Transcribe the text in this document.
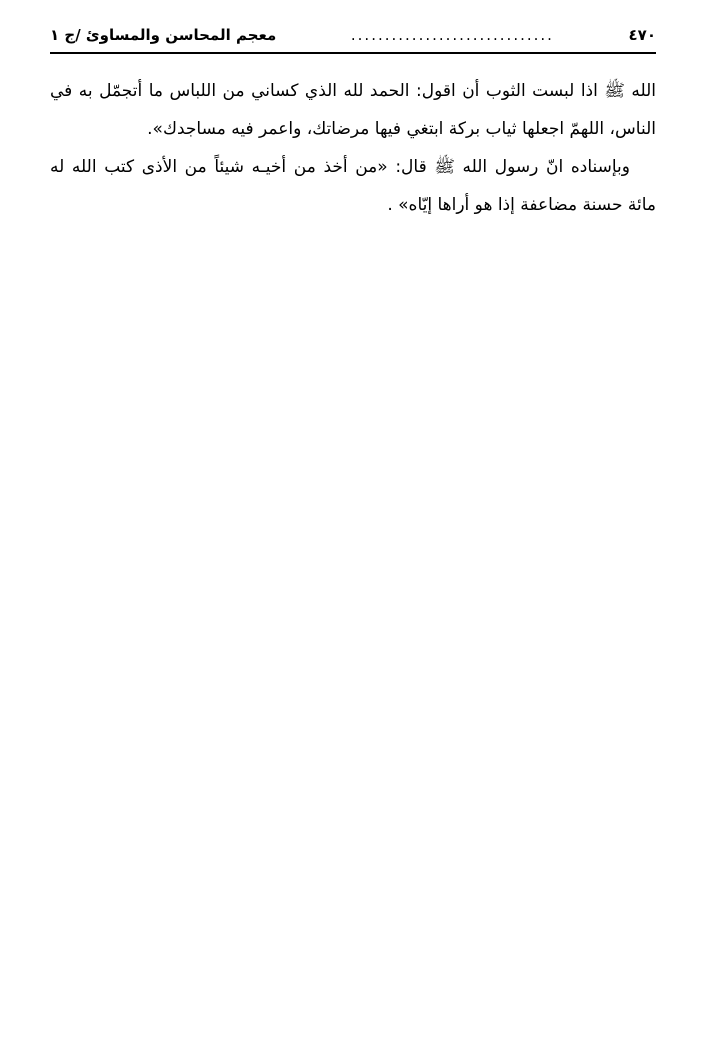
٤٧٠
..............................
معجم المحاسن والمساوئ /ج ١

الله ﷺ اذا لبست الثوب أن اقول: الحمد لله الذي كساني من اللباس ما أتجمّل به في الناس، اللهمّ اجعلها ثياب بركة ابتغي فيها مرضاتك، واعمر فيه مساجدك».

وبإسناده انّ رسول الله ﷺ قال: «من أخذ من أخيـه شيئاً من الأذى كتب الله له مائة حسنة مضاعفة إذا هو أراها إيّاه» .
